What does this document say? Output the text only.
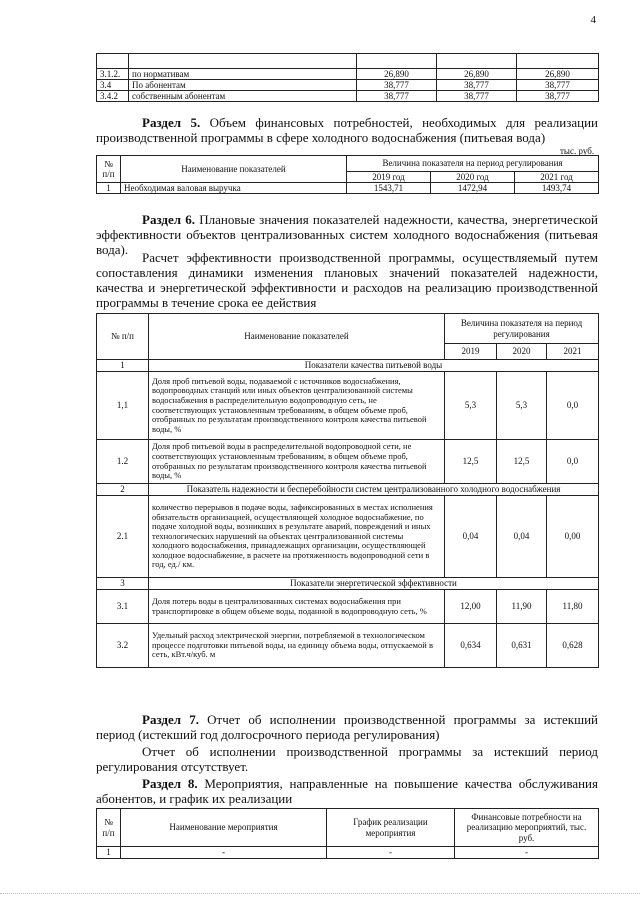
4

3.1.2.	по нормативам	26,890	26,890	26,890
3.4	По абонентам	38,777	38,777	38,777
3.4.2	собственным абонентам	38,777	38,777	38,777

Раздел 5. Объем финансовых потребностей, необходимых для реализации производственной программы в сфере холодного водоснабжения (питьевая вода)

тыс. руб.
№ п/п	Наименование показателей	Величина показателя на период регулирования		
		2019 год	2020 год	2021 год
1	Необходимая валовая выручка	1543,71	1472,94	1493,74

Раздел 6. Плановые значения показателей надежности, качества, энергетической эффективности объектов централизованных систем холодного водоснабжения (питьевая вода).

Расчет эффективности производственной программы, осуществляемый путем сопоставления динамики изменения плановых значений показателей надежности, качества и энергетической эффективности и расходов на реализацию производственной программы в течение срока ее действия

№ п/п	Наименование показателей	Величина показателя на период регулирования		
		2019	2020	2021
1	Показатели качества питьевой воды			
1,1	Доля проб питьевой воды, подаваемой с источников водоснабжения, водопроводных станций или иных объектов централизованной системы водоснабжения в распределительную водопроводную сеть, не соответствующих установленным требованиям, в общем объеме проб, отобранных по результатам производственного контроля качества питьевой воды, %	5,3	5,3	0,0
1.2	Доля проб питьевой воды в распределительной водопроводной сети, не соответствующих установленным требованиям, в общем объеме проб, отобранных по результатам производственного контроля качества питьевой воды, %	12,5	12,5	0,0
2	Показатель надежности и бесперебойности систем централизованного холодного водоснабжения			
2.1	количество перерывов в подаче воды, зафиксированных в местах исполнения обязательств организацией, осуществляющей холодное водоснабжение, по подаче холодной воды, возникших в результате аварий, повреждений и иных технологических нарушений на объектах централизованной системы холодного водоснабжения, принадлежащих организации, осуществляющей холодное водоснабжение, в расчете на протяженность водопроводной сети в год, ед./ км.	0,04	0,04	0,00
3	Показатели энергетической эффективности			
3.1	Доля потерь воды в централизованных системах водоснабжения при транспортировке в общем объеме воды, поданной в водопроводную сеть, %	12,00	11,90	11,80
3.2	Удельный расход электрической энергии, потребляемой в технологическом процессе подготовки питьевой воды, на единицу объема воды, отпускаемой в сеть, кВт.ч/куб. м	0,634	0,631	0,628

Раздел 7. Отчет об исполнении производственной программы за истекший период (истекший год долгосрочного периода регулирования)

Отчет об исполнении производственной программы за истекший период регулирования отсутствует.

Раздел 8. Мероприятия, направленные на повышение качества обслуживания абонентов, и график их реализации

№ п/п	Наименование мероприятия	График реализации мероприятия	Финансовые потребности на реализацию мероприятий, тыс. руб.
1	-	-	-
